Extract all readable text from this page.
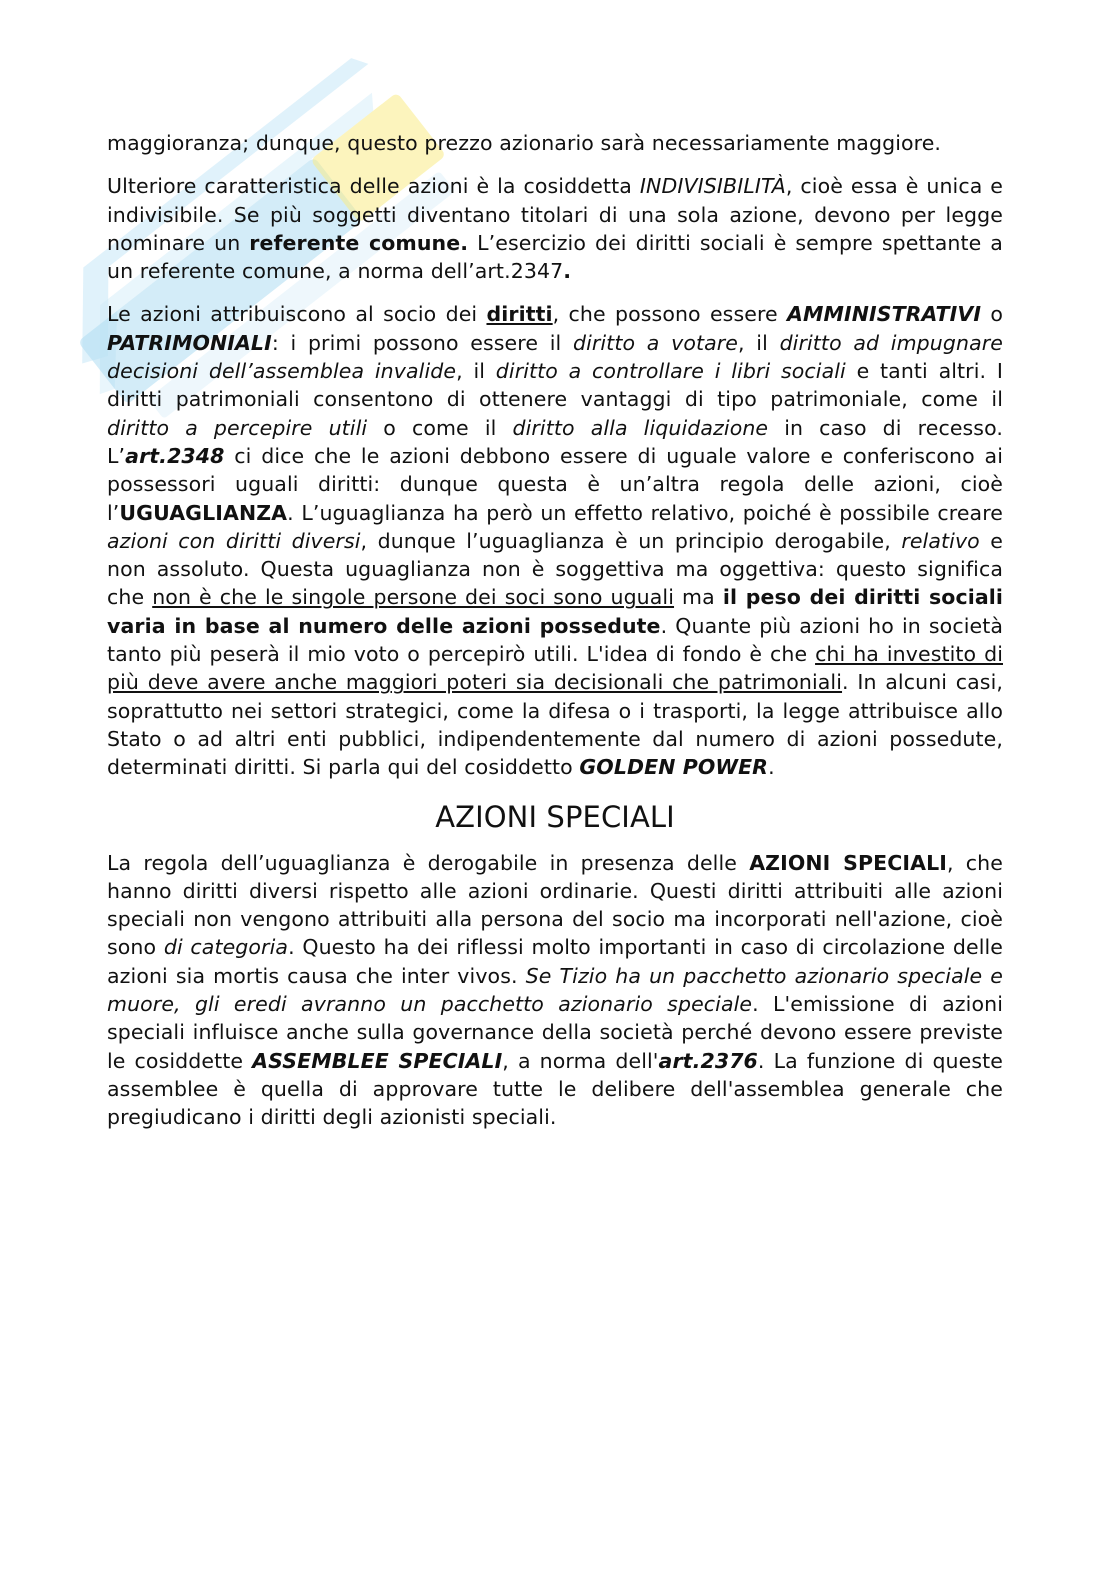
maggioranza; dunque, questo prezzo azionario sarà necessariamente maggiore.

Ulteriore caratteristica delle azioni è la cosiddetta INDIVISIBILITÀ, cioè essa è unica e indivisibile. Se più soggetti diventano titolari di una sola azione, devono per legge nominare un referente comune. L’esercizio dei diritti sociali è sempre spettante a un referente comune, a norma dell’art.2347.

Le azioni attribuiscono al socio dei diritti, che possono essere AMMINISTRATIVI o PATRIMONIALI: i primi possono essere il diritto a votare, il diritto ad impugnare decisioni dell’assemblea invalide, il diritto a controllare i libri sociali e tanti altri. I diritti patrimoniali consentono di ottenere vantaggi di tipo patrimoniale, come il diritto a percepire utili o come il diritto alla liquidazione in caso di recesso. L’art.2348 ci dice che le azioni debbono essere di uguale valore e conferiscono ai possessori uguali diritti: dunque questa è un’altra regola delle azioni, cioè l’UGUAGLIANZA. L’uguaglianza ha però un effetto relativo, poiché è possibile creare azioni con diritti diversi, dunque l’uguaglianza è un principio derogabile, relativo e non assoluto. Questa uguaglianza non è soggettiva ma oggettiva: questo significa che non è che le singole persone dei soci sono uguali ma il peso dei diritti sociali varia in base al numero delle azioni possedute. Quante più azioni ho in società tanto più peserà il mio voto o percepirò utili. L'idea di fondo è che chi ha investito di più deve avere anche maggiori poteri sia decisionali che patrimoniali. In alcuni casi, soprattutto nei settori strategici, come la difesa o i trasporti, la legge attribuisce allo Stato o ad altri enti pubblici, indipendentemente dal numero di azioni possedute, determinati diritti. Si parla qui del cosiddetto GOLDEN POWER.

AZIONI SPECIALI

La regola dell’uguaglianza è derogabile in presenza delle AZIONI SPECIALI, che hanno diritti diversi rispetto alle azioni ordinarie. Questi diritti attribuiti alle azioni speciali non vengono attribuiti alla persona del socio ma incorporati nell'azione, cioè sono di categoria. Questo ha dei riflessi molto importanti in caso di circolazione delle azioni sia mortis causa che inter vivos. Se Tizio ha un pacchetto azionario speciale e muore, gli eredi avranno un pacchetto azionario speciale. L'emissione di azioni speciali influisce anche sulla governance della società perché devono essere previste le cosiddette ASSEMBLEE SPECIALI, a norma dell'art.2376. La funzione di queste assemblee è quella di approvare tutte le delibere dell'assemblea generale che pregiudicano i diritti degli azionisti speciali.
